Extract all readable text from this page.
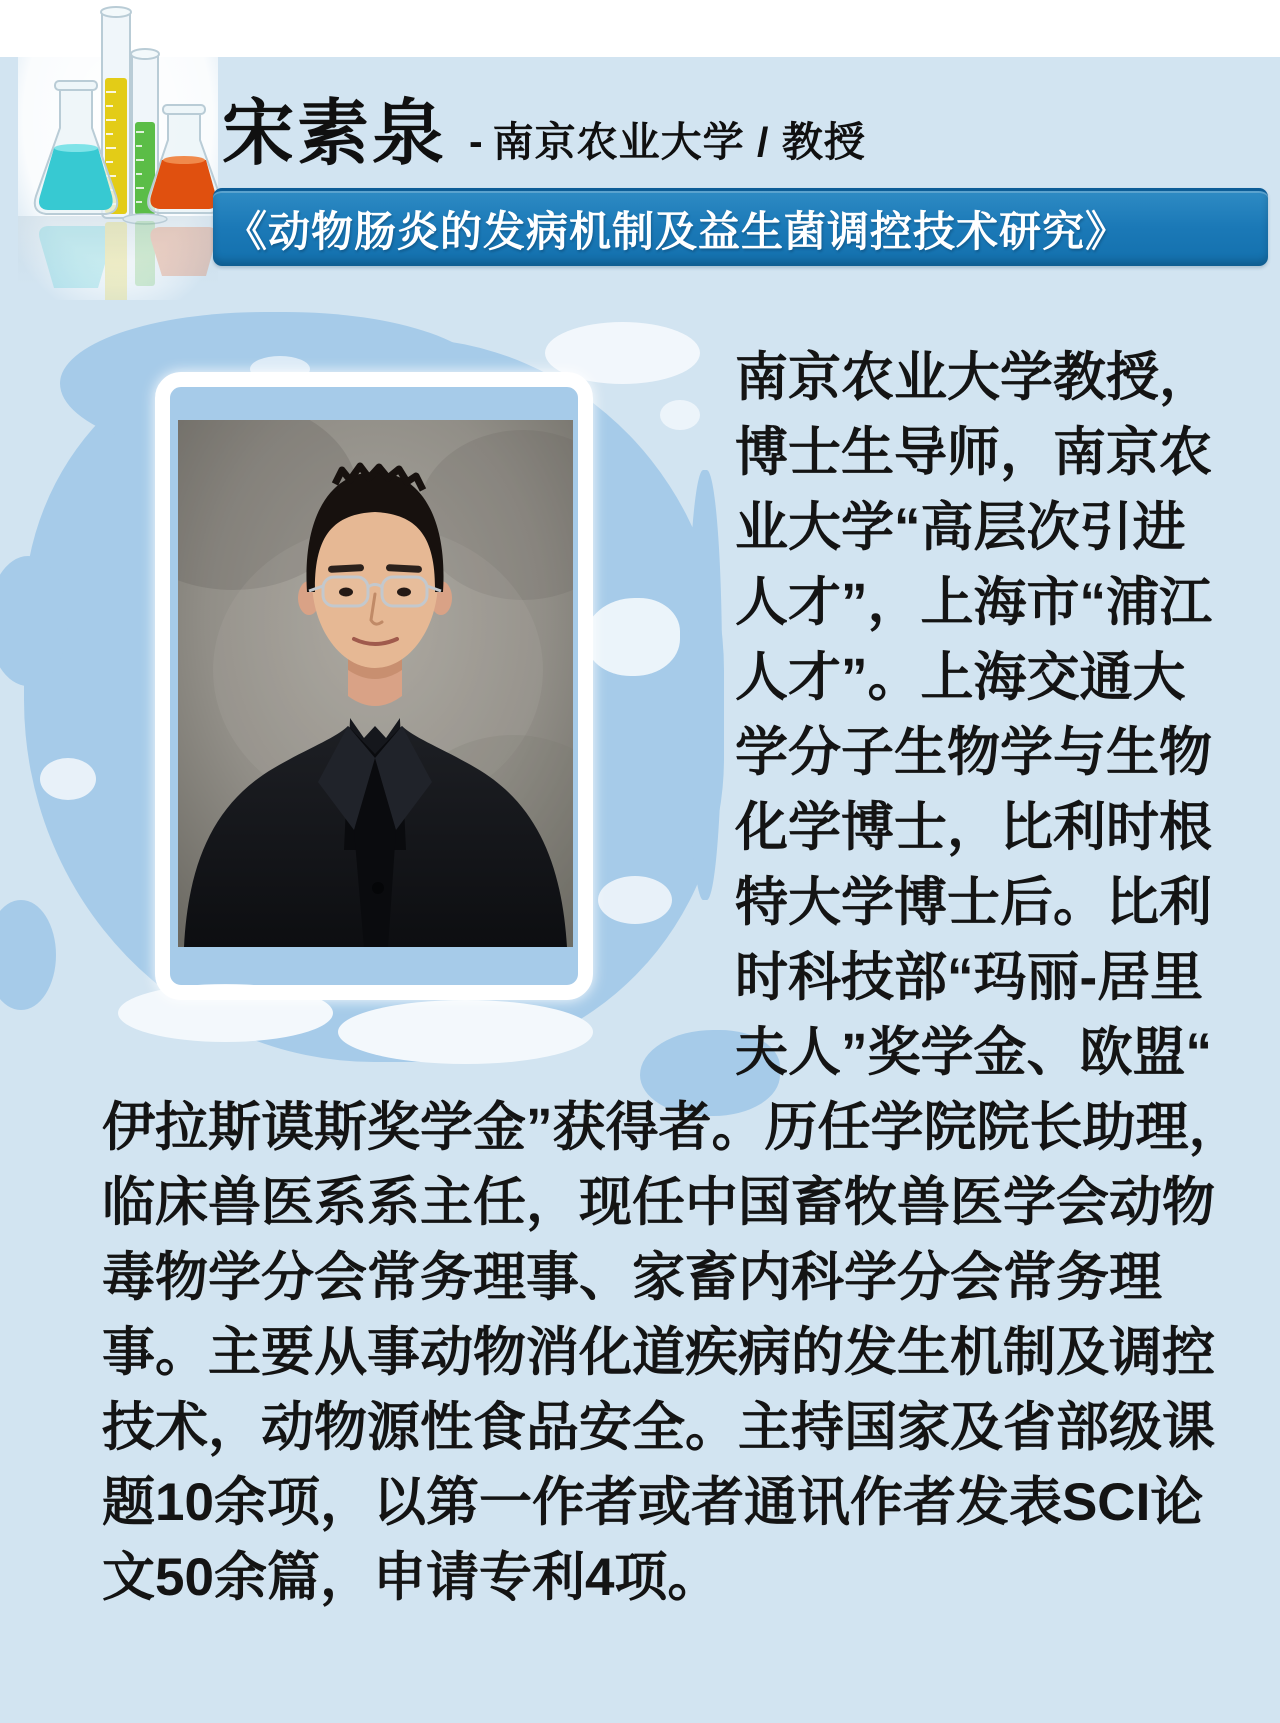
宋素泉 - 南京农业大学 / 教授
《动物肠炎的发病机制及益生菌调控技术研究》
南京农业大学教授，
博士生导师，南京农
业大学“高层次引进
人才”，上海市“浦江
人才”。上海交通大
学分子生物学与生物
化学博士，比利时根
特大学博士后。比利
时科技部“玛丽-居里
夫人”奖学金、欧盟“
伊拉斯谟斯奖学金”获得者。历任学院院长助理，
临床兽医系系主任，现任中国畜牧兽医学会动物
毒物学分会常务理事、家畜内科学分会常务理
事。主要从事动物消化道疾病的发生机制及调控
技术，动物源性食品安全。主持国家及省部级课
题10余项，以第一作者或者通讯作者发表SCI论
文50余篇，申请专利4项。
